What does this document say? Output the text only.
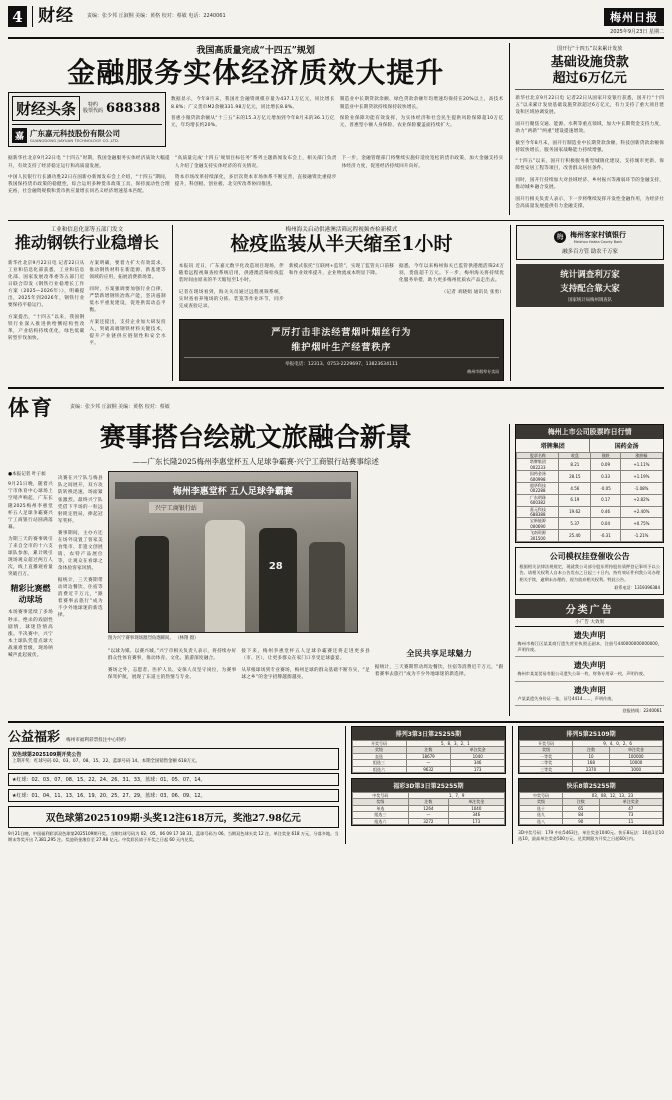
4 财经	责编：张少邦 丘淑桐 美编：黄格 校对：蔡敏 电话：2240061	梅州日报
2025年9月23日 星期二
我国高质量完成“十四五”规划
金融服务实体经济质效大提升
财经头条	特约
股票代码 688388
嘉 广东嘉元科技股份有限公司
GUANGDONG JIAYUAN TECHNOLOGY CO.,LTD.

数据显示，今年8月末，我国社会融资规模存量为437.1万亿元，同比增长8.8%；广义货币M2余额331.98万亿元，同比增长8.8%。

普惠小微贷款余额从“十三五”末的15.3万亿元增加到今年8月末的36.1万亿元，年均增长约20%。

制造业中长期贷款余额、绿色贷款余额年均增速均保持在20%以上，高技术制造业中长期贷款持续保持较快增长。

保险业保障功能有效发挥，为实体经济和社会民生提供风险保障超10万亿元，普惠型小额人身保险、农业保险覆盖面持续扩大。

据新华社北京9月22日电 “十四五”时期，我国金融服务实体经济质效大幅提升，有效支持了经济稳定运行和高质量发展。

中国人民银行行长潘功胜22日在国新办新闻发布会上介绍，“十四五”期间，我国保持货币政策的稳健性，综合运用多种货币政策工具，保持流动性合理充裕，社会融资规模和货币供应量增长同名义经济增速基本匹配。

“高质量完成‘十四五’规划目标任务”系列主题新闻发布会上，相关部门负责人介绍了金融支持实体经济的有关情况。

资本市场改革持续深化，多层次资本市场体系不断完善，直接融资比重稳步提升，科创板、创业板、北交所改革协同推进。

下一步，金融管理部门将继续实施好适度宽松的货币政策，加大金融支持实体经济力度，促进经济持续回升向好。

国开行“十四五”以来累计发放
基础设施贷款
超过6万亿元

新华社北京9月22日电 记者22日从国家开发银行获悉，国开行“十四五”以来累计发放基础设施贷款超过6万亿元，有力支持了重大项目建设和区域协调发展。

国开行聚焦交通、能源、水利等重点领域，加大中长期资金支持力度，助力“两新”“两重”建设提速增效。

截至今年8月末，国开行制造业中长期贷款余额、科技创新贷款余额保持较快增长，服务国家战略能力持续增强。

“十四五”以来，国开行积极服务新型城镇化建设，支持城市更新、保障性安居工程等项目，改善群众居住条件。

同时，国开行持续加大对县域经济、乡村振兴等薄弱环节的金融支持，推动城乡融合发展。

国开行相关负责人表示，下一步将继续发挥开发性金融作用，为经济社会高质量发展提供有力金融支撑。

工业和信息化部等五部门发文
推动钢铁行业稳增长

新华社北京9月22日电 记者22日从工业和信息化部获悉，工业和信息化部、国家发展改革委等五部门近日联合印发《钢铁行业稳增长工作方案（2025—2026年）》，明确提出，2025年到2026年，钢铁行业要保持平稳运行。

方案提出，“十四五”以来，我国钢铁行业深入推进供给侧结构性改革，产业结构持续优化，绿色低碳转型步伐加快。

方案明确，要着力扩大有效需求，推动钢铁材料在新能源、新基建等领域的应用，拓展消费新场景。

同时，方案强调要加强行业自律，严禁新增钢铁冶炼产能，坚决遏制低水平重复建设，促进供需动态平衡。

方案还提出，支持企业加大研发投入，突破高端钢铁材料关键技术，提升产业链供应链韧性和安全水平。

梅州海关启动供港澳活筛远程视频查检新模式
检疫监装从半天缩至1小时

本报讯 近日，广东嘉元数字化改造项目现场，伴随着远程视频查检系统启用，供港澳活筛检疫监装时间由原来的半天缩短至1小时。

记者在现场看到，海关关员通过远程视频系统，实时查看养殖场的分拣、装笼等作业环节，同步完成查验记录。

新模式依托“互联网+监管”，实现了监管关口前移和作业效率提升，企业物流成本明显下降。

据悉，今年以来梅州海关已监管供港澳活筛24万羽，货值超千万元。下一步，梅州海关将持续优化服务举措，助力更多梅州优质农产品走出去。

（记者 刘晓娟 通讯员 张勇）

严厉打击非法经营烟叶烟丝行为
维护烟叶生产经营秩序
举报电话：12313、0753-2229697、13823634111
梅州市烟草专卖局
梅 梅州客家村镇银行
Meizhou Hakka County Bank
融多百方管 助农千万家
统计调查利万家
支持配合靠大家
国家统计局梅州调查队
体育	责编：张少邦 丘淑桐 美编：黄格 校对：蔡敏
赛事搭台绘就文旅融合新景
——广东长隆2025梅州李惠堂杯五人足球争霸赛·兴宁工商银行站赛事综述
●本报记者 叶子昶

9月21日晚，随着兴宁市体育中心球场上空哨声响起，广东长隆2025梅州李惠堂杯五人足球争霸赛兴宁工商银行站圆满落幕。

为期三天的赛事吸引了来自全市的十六支球队参加，累计吸引现场观众超过两万人次，线上直播观看量突破百万。

精彩比赛燃动球场

本场赛事延续了多场秒杀、绝杀的戏剧性剧情，球迷热情高涨。半决赛中，兴宁本土球队凭借点球大战艰难晋级，现场呐喊声此起彼伏。

决赛在兴宁队与梅县队之间展开，双方攻防转换迅速，场面紧张激烈。最终兴宁队凭借下半场的一粒远射锁定胜局，捧起冠军奖杯。

赛事期间，主办方还在场外设置了客家美食集市、非遗文创展销、农特产品展位等，让观众在看球之余体验客家风情。

据统计，三天赛期带动周边餐饮、住宿等消费近千万元，“跟着赛事去旅行”成为不少外地球迷的新选择。

梅州李惠堂杯 五人足球争霸赛
兴宁工商银行站
28
图为兴宁赛事现场激烈角逐瞬间。 （林翔 摄）

“以球为媒、以赛兴城。”兴宁市相关负责人表示，将持续办好群众性体育赛事，推动体育、文化、旅游深度融合。

赛场之外，志愿者、医护人员、安保人员坚守岗位，为赛事保驾护航，展现了东道主的热情与专业。

接下来，梅州李惠堂杯五人足球争霸赛还将走进更多县（市、区），让更多群众在家门口享受足球盛宴。

从草根球场到专业赛场，梅州足球的群众基础不断夯实，“足球之乡”的金字招牌越擦越亮。

全民共享足球魅力

据统计，三天赛期带动周边餐饮、住宿等消费近千万元，“跟着赛事去旅行”成为不少外地球迷的新选择。

梅州上市公司股票昨日行情
塔牌集团	国药金汤
股票名称	收盘	涨跌	涨跌幅
塔牌集团
002233	8.21	0.09	+1.11%
国药金汤
600998	28.15	0.33	+1.19%
超华科技
002288	4.56	-0.05	-1.08%
广东明珠
600382	6.19	0.17	+2.82%
嘉元科技
688388	19.62	0.46	+2.40%
宝新能源
000690	5.37	0.04	+0.75%
飞南资源
301500	25.40	-0.31	-1.21%
公司模权挂登催收公告
根据相关法律法规规定，现就我公司部分股东所持股份质押登记事项予以公告。请相关权利人自本公告发布之日起三十日内，持有效证件到我公司办理相关手续，逾期未办理的，视为放弃相关权利。特此公告。
联系电话：1319396384
分类广告
小广告 大效果
遗失声明
梅州市梅江区某某商行遗失营业执照正副本，注册号440000000000000，声明作废。
遗失声明
梅州市某某贸易有限公司遗失公章一枚、财务专用章一枚，声明作废。
遗失声明
卢某某遗失身份证一张，证号4414......，声明作废。
登报热线：2240061
公益福彩 梅州市福利彩票投注中心特约
双色球第2025109期开奖公告
上期开奖：红球号码 02、03、07、08、15、22，蓝球号码 14。本期全国销售金额 618万元。
★红球：02、03、07、08、15、22、24、26、31、33，蓝球：01、05、07、14。
★红球：01、04、11、13、16、19、20、25、27、29，蓝球：03、06、09、12。
双色球第2025109期·头奖12注618万元，奖池27.98亿元
9月21日晚，中国福利彩票双色球第2025109期开奖。当期红球号码为 02、05、06 09 17 18 31，蓝球号码为 06。当期双色球头奖 12 注，单注奖金 618 万元，分落多地。当期末等奖开出 7,381,295 注。奖池资金滚存至 27.98 亿元。中奖彩民请于开奖之日起 60 天内兑奖。
排列3第3日第25255期
开奖号码	5、8、3、2、1	
奖级	注数	单注奖金
直选	18679	1040
组选三	—	346
组选六	9632	173
福彩3D第3日第25255期
中奖号码	1、7、9	
奖级	注数	单注奖金
单选	1264	1040
组选三	—	346
组选六	3272	173
排列5第25109期
开奖号码	9、4、0、2、6	
奖级	注数	单注奖金
一等奖	10	100000
二等奖	168	10000
三等奖	2370	1000
快乐8第25255期
中奖号码	03、08、12、13、23	
奖级	注数	单注奖金
选十	65	47
选九	84	73
选八	90	11
3D中奖号码：179 中出5463注，单注奖金1040元。快乐8玩法：10选1至10选10，最高单注奖金500万元。兑奖期限为开奖之日起60日内。
